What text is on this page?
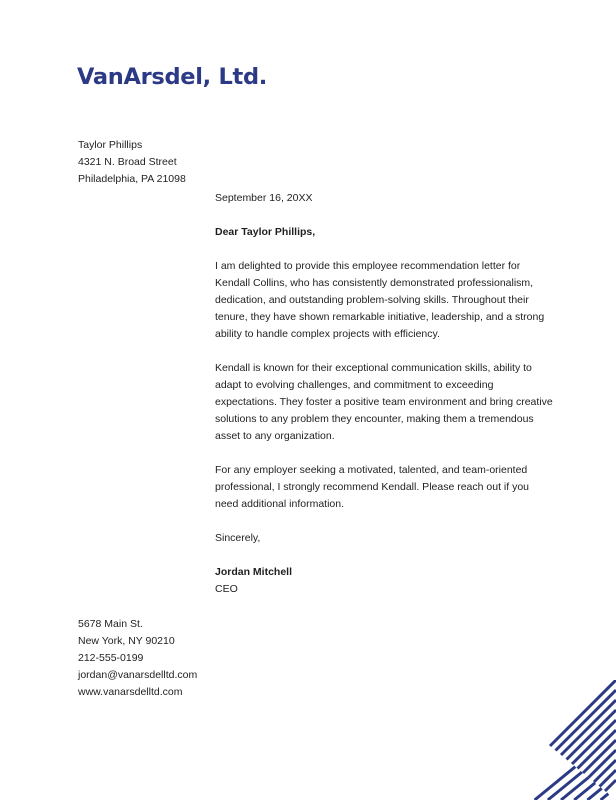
VanArsdel, Ltd.
Taylor Phillips
4321 N. Broad Street
Philadelphia, PA 21098
September 16, 20XX
Dear Taylor Phillips,

I am delighted to provide this employee recommendation letter for Kendall Collins, who has consistently demonstrated professionalism, dedication, and outstanding problem-solving skills. Throughout their tenure, they have shown remarkable initiative, leadership, and a strong ability to handle complex projects with efficiency.

Kendall is known for their exceptional communication skills, ability to adapt to evolving challenges, and commitment to exceeding expectations. They foster a positive team environment and bring creative solutions to any problem they encounter, making them a tremendous asset to any organization.

For any employer seeking a motivated, talented, and team-oriented professional, I strongly recommend Kendall. Please reach out if you need additional information.

Sincerely,
Jordan Mitchell
CEO
5678 Main St.
New York, NY 90210
212-555-0199
jordan@vanarsdelltd.com
www.vanarsdelltd.com
